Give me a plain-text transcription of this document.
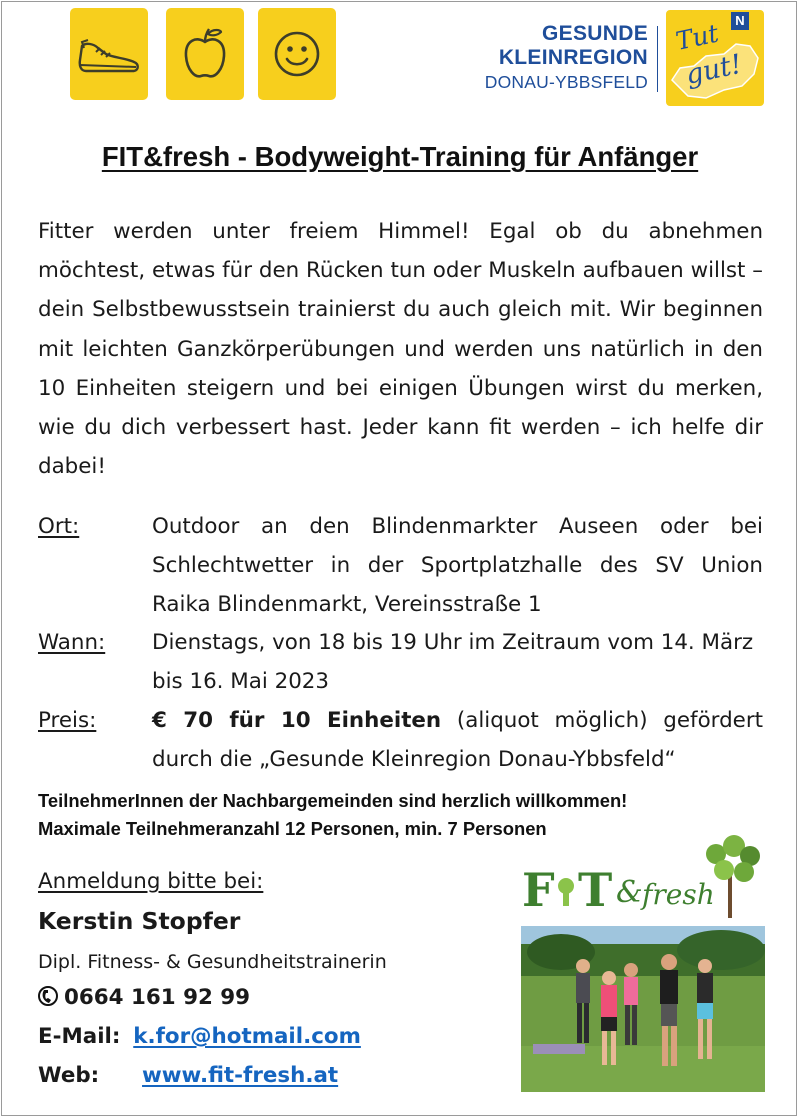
GESUNDE
KLEINREGION
DONAU-YBBSFELD
Tut
gut!
N
FIT&fresh - Bodyweight-Training für Anfänger
Fitter werden unter freiem Himmel! Egal ob du abnehmen möchtest, etwas für den Rücken tun oder Muskeln aufbauen willst – dein Selbstbewusstsein trainierst du auch gleich mit. Wir beginnen mit leichten Ganzkörperübungen und werden uns natürlich in den 10 Einheiten steigern und bei einigen Übungen wirst du merken, wie du dich verbessert hast. Jeder kann fit werden – ich helfe dir dabei!
Ort:	Outdoor an den Blindenmarkter Auseen oder bei Schlechtwetter in der Sportplatzhalle des SV Union Raika Blindenmarkt, Vereinsstraße 1
Wann: Dienstags, von 18 bis 19 Uhr im Zeitraum vom 14. März bis 16. Mai 2023
Preis:	€ 70 für 10 Einheiten (aliquot möglich) gefördert durch die „Gesunde Kleinregion Donau-Ybbsfeld“
TeilnehmerInnen der Nachbargemeinden sind herzlich willkommen!
Maximale Teilnehmeranzahl 12 Personen, min. 7 Personen
Anmeldung bitte bei:
Kerstin Stopfer
Dipl. Fitness- & Gesundheitstrainerin
0664 161 92 99
E-Mail: k.for@hotmail.com
Web: www.fit-fresh.at
F T & fresh
